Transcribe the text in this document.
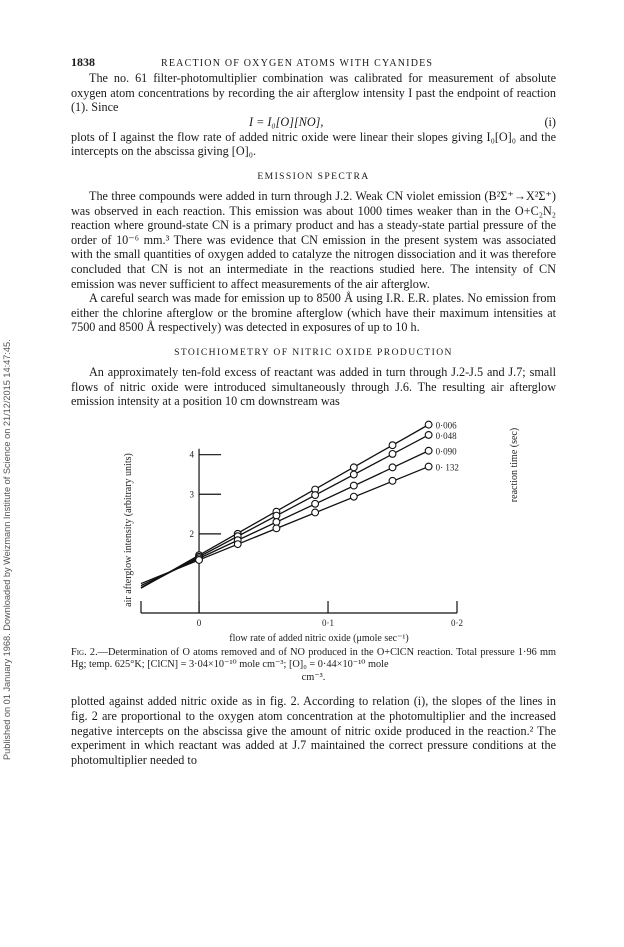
Published on 01 January 1968. Downloaded by Weizmann Institute of Science on 21/12/2015 14:47:45.
1838	REACTION OF OXYGEN ATOMS WITH CYANIDES

The no. 61 filter-photomultiplier combination was calibrated for measurement of absolute oxygen atom concentrations by recording the air afterglow intensity I past the endpoint of reaction (1). Since

I = I₀[O][NO],	(i)

plots of I against the flow rate of added nitric oxide were linear their slopes giving I₀[O]₀ and the intercepts on the abscissa giving [O]₀.

EMISSION SPECTRA

The three compounds were added in turn through J.2. Weak CN violet emission (B²Σ⁺→X²Σ⁺) was observed in each reaction. This emission was about 1000 times weaker than in the O+C₂N₂ reaction where ground-state CN is a primary product and has a steady-state partial pressure of the order of 10⁻⁶ mm.³ There was evidence that CN emission in the present system was associated with the small quantities of oxygen added to catalyze the nitrogen dissociation and it was therefore concluded that CN is not an intermediate in the reactions studied here. The intensity of CN emission was never sufficient to affect measurements of the air afterglow.

A careful search was made for emission up to 8500 Å using I.R. E.R. plates. No emission from either the chlorine afterglow or the bromine afterglow (which have their maximum intensities at 7500 and 8500 Å respectively) was detected in exposures of up to 10 h.

STOICHIOMETRY OF NITRIC OXIDE PRODUCTION

An approximately ten-fold excess of reactant was added in turn through J.2-J.5 and J.7; small flows of nitric oxide were introduced simultaneously through J.6. The resulting air afterglow emission intensity at a position 10 cm downstream was

0	0·1	0·2
2
3
4
0·006
0·048
0·090
0· 132
air afterglow intensity (arbitrary units)	reaction time (sec)
flow rate of added nitric oxide (μmole sec⁻¹)
Fig. 2.—Determination of O atoms removed and of NO produced in the O+ClCN reaction. Total pressure 1·96 mm Hg; temp. 625°K; [ClCN] = 3·04×10⁻¹⁰ mole cm⁻³; [O]₀ = 0·44×10⁻¹⁰ mole
cm⁻³.

plotted against added nitric oxide as in fig. 2. According to relation (i), the slopes of the lines in fig. 2 are proportional to the oxygen atom concentration at the photomultiplier and the increased negative intercepts on the abscissa give the amount of nitric oxide produced in the reaction.² The experiment in which reactant was added at J.7 maintained the correct pressure conditions at the photomultiplier needed to
